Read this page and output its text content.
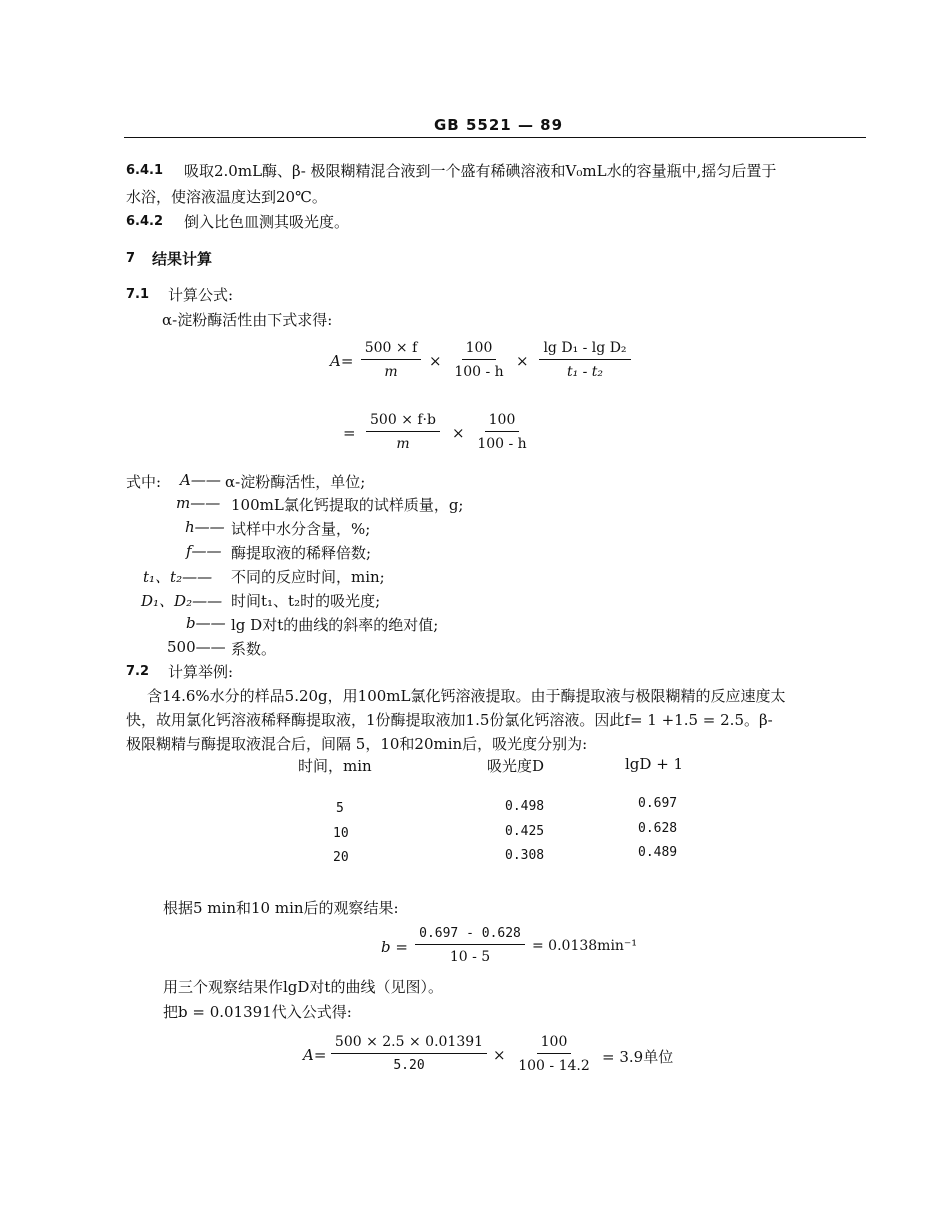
GB 5521 — 89
6.4.1 吸取2.0mL酶、β- 极限糊精混合液到一个盛有稀碘溶液和V₀mL水的容量瓶中,摇匀后置于
水浴，使溶液温度达到20℃。
6.4.2 倒入比色皿测其吸光度。
7 结果计算
7.1 计算公式:
α-淀粉酶活性由下式求得:
$A= \frac{500 \times f}{m} \times \frac{100}{100 - h} \times \frac{\text{lg D₁ - lg D₂}}{\text{t₁ - t₂}}$
= $\frac{500 \times f\cdot b}{m} \times \frac{100}{100 - h}$
式中: A—— α-淀粉酶活性，单位;
m—— 100mL氯化钙提取的试样质量，g;
h—— 试样中水分含量，%;
f—— 酶提取液的稀释倍数;
t₁、t₂—— 不同的反应时间，min;
D₁、D₂—— 时间t₁、t₂时的吸光度;
b—— lg D对t的曲线的斜率的绝对值;
500—— 系数。
7.2 计算举例:
含14.6%水分的样品5.20g，用100mL氯化钙溶液提取。由于酶提取液与极限糊精的反应速度太
快，故用氯化钙溶液稀释酶提取液，1份酶提取液加1.5份氯化钙溶液。因此f= 1 +1.5 = 2.5。β-
极限糊精与酶提取液混合后，间隔 5，10和20min后，吸光度分别为:
时间，min	吸光度D	lgD + 1
5	0.498	0.697
10	0.425	0.628
20	0.308	0.489
根据5 min和10 min后的观察结果:
$b = \frac{0.697 - 0.628}{10 - 5} = 0.0138\min^{-1}$
用三个观察结果作lgD对t的曲线（见图）。
把b = 0.01391代入公式得:
$A= \frac{500 \times 2.5 \times 0.01391}{5.20} \times \frac{100}{100 - 14.2} = 3.9$单位
